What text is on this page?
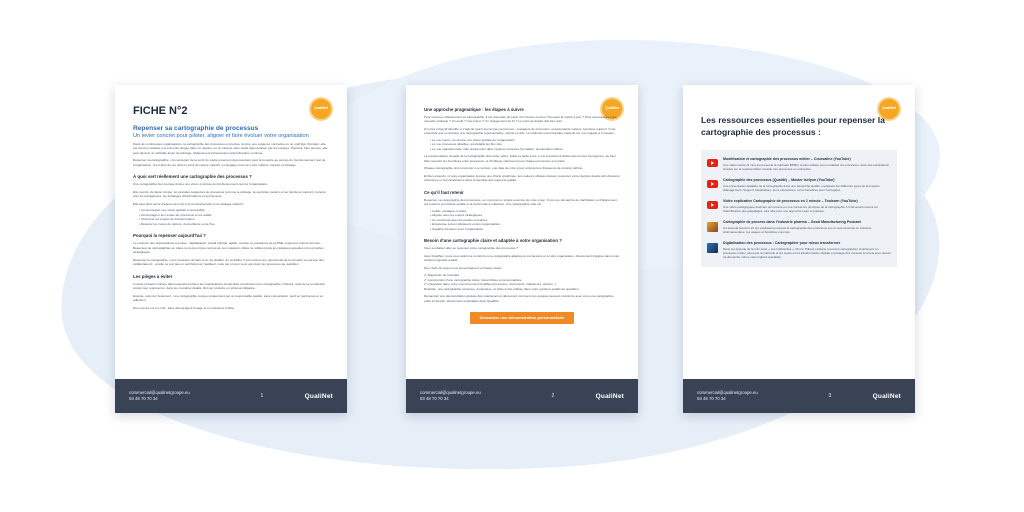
QualiNet
FICHE N°2
Repenser sa cartographie de processus
Un levier concret pour piloter, aligner et faire évoluer votre organisation
Dans de nombreuses organisations, la cartographie des processus est perçue comme une exigence normative ou un outil figé. Pourtant, elle est souvent réalisée une fois puis rangée dans un dossier, ou un intranet sans réelle appropriation par les équipes. Pourtant, bien pensée, elle peut devenir un véritable levier de pilotage, d'alignement transversal et d'amélioration continue.
Repenser sa cartographie, c'est accepter de la sortir du cadre purement documentaire pour la remettre au service du fonctionnement réel de l'organisation. C'est faire de cet outil un point de repère collectif, un langage commun entre métiers, support et pilotage.
À quoi sert réellement une cartographie des processus ?
Une cartographie bien pensée donne une vision concrète du fonctionnement réel de l'organisation.
Elle montre, de façon simple, les grandes catégories de processus (comme le pilotage, les activités métiers et les fonctions support), la façon dont ils interagissent, les échanges d'informations et qui fait quoi.
Elle peut ainsi servir d'appui commun à la compréhension et au pilotage collectif :
• Communiquer une vision globale et accessible
• Accompagner les revues de processus et les audits
• Structurer les projets de transformation
• Détecter les zones de rupture, de doublons ou de flou
Pourquoi la repenser aujourd'hui ?
Le contexte des organisations a évolué : digitalisation, travail hybride, agilité, montée en puissance de la RSE, exigences clients accrues... Beaucoup de cartographies en place ne tiennent pas compte de ces mutations. Elles ne reflètent plus les pratiques actuelles ni les priorités stratégiques.
Repenser la cartographie, c'est l'occasion de faire le tri, de clarifier, de simplifier. C'est surtout une opportunité de la remettre au service des collaborateurs : qu'elle ne soit pas un outil fait pour l'auditeur, mais par et pour ceux qui vivent les processus au quotidien.
Les pièges à éviter
Il existe plusieurs travers dans lesquels tombent les organisations lorsqu'elles construisent leur cartographie. D'abord, celui de la complexité : vouloir tout représenter, dans les moindres détails, finit par produire un schéma indigeste.
Ensuite, celui de l'isolement : une cartographie conçue uniquement par un responsable qualité, sans concertation, perd en pertinence et en adhésion.
Des erreurs ont un coût : elles découragent l'usage et en réduisent l'utilité.
commercial@qualinetgroupe.eu
03 48 70 70 34	1	QualiNet
QualiNet
Une approche pragmatique : les étapes à suivre
Pour repenser efficacement sa cartographie, il est important de partir d'un besoin concret. Pourquoi la mettre à jour ? Pour accompagner une nouvelle stratégie ? Un audit ? Une fusion ? Un changement de SI ? Le point de départ doit être clair.
Une fois l'objectif identifié, il s'agit de réunir les bonnes personnes : managers de processus, représentants métiers, fonctions support. C'est ensemble que se dessine une cartographie représentative, simple et utile. La méthode recommandée s'appuie sur une logique à 3 niveaux :
• Le vue macro, qui donne une vision globale de l'organisation
• Le vue processus détaillée, qui détaille les flux clés
• Le vue opérationnelle, utile uniquement dans certains contextes (formation, amélioration ciblée)
La représentation visuelle de la cartographie doit rester sobre, lisible et facile à lire. Il est important d'utiliser des formes homogènes, de bien faire ressortir les interfaces entre processus, et d'indiquer clairement pour chaque processus son pilote.
Chaque cartographie doit comporter une version, une date de mise à jour ainsi qu'une fréquence de révision définie.
Et bien entendu, si votre organisation impose une charte graphique, les couleurs utilisées doivent respecter votre identité visuelle afin d'assurer cohérence et reconnaissance dans l'ensemble des supports qualité.
Ce qu'il faut retenir
Repenser sa cartographie des processus, ce n'est pas un simple exercice de mise à jour. C'est une démarche de clarification et d'alignement, qui renforce la maturité qualité et la performance collective. Une cartographie utile est :
• Lisible, partagée et claire
• Alignée avec les enjeux stratégiques
• Co-construite avec les parties prenantes
• Entretenue à des indicateurs et des responsables
• Capable d'évoluer avec l'organisation
Besoin d'une cartographie claire et adaptée à votre organisation ?
Vous souhaitez aller au repenser votre cartographie des processus ?
Avec QualiNet, nous vous aidons à construire une cartographie adaptée à vos besoins et à votre organisation, directement intégrée dans notre solution logicielle qualité.
Nos chefs de projet vous accompagnent à chaque étape :
✔ Diagnostic de l'existant
✔ Construction d'une cartographie claire, hiérarchisée et personnalisée
✔ Intégration dans votre environnement QualiNet (processus, documents, indicateurs, actions...)
Résultat : une cartographie contenue, dynamique, et prête à être utilisée dans votre système qualité au quotidien.
Demandez une démonstration gratuite dès maintenant et découvrez comment nos équipes peuvent construire avec vous une cartographie prête à l'emploi, directement exploitable dans QualiNet.
Demander une démonstration personnalisée
commercial@qualinetgroupe.eu
03 48 70 70 34	2	QualiNet
QualiNet
Les ressources essentielles pour repenser la cartographie des processus :
Modélisation et cartographie des processus métier – Coursaline (YouTube)
Une vidéo courte (5 min) qui présente la méthode BPMN, la plus utilisée pour modéliser les processus, avec des explications simples sur la représentation visuelle des processus en entreprise.
Cartographie des processus (Qualité) – Master Isetyon (YouTube)
Une présentation détaillée de la cartographie dans une démarche qualité, expliquant les différents types de processus (Management, Support, Réalisation), leurs interactions, et les bénéfices pour l'entreprise.
Vidéo explicative Cartographie de processus en 1 minute – Toolearn (YouTube)
Une vidéo pédagogique destinée qui résume en une minute les principes de la cartographie. L'intervenant revient sur l'identification des gaspillages, très utile pour une approche Lean et pratique.
Cartographie de process dans l'industrie pharma – Good Manufacturing Podcast
Un épisode (environ 15 sp) expliquant pourquoi la cartographie des processus est un outil essentiel en industrie pharmaceutique, les usages et bénéfices concrets.
Digitalisation des processus : Cartographier pour mieux transformer
Dans cet épisode de la mini-série « Les Inéficacités », Pierre Thibaut explique comment cartographier simplement un processus métier, ainsi que la méthode et les sujets sur la transformation digitale et partage des conseils concrets pour réussir sa démarche même sans logiciel spécialisé.
commercial@qualinetgroupe.eu
03 48 70 70 34	3	QualiNet
